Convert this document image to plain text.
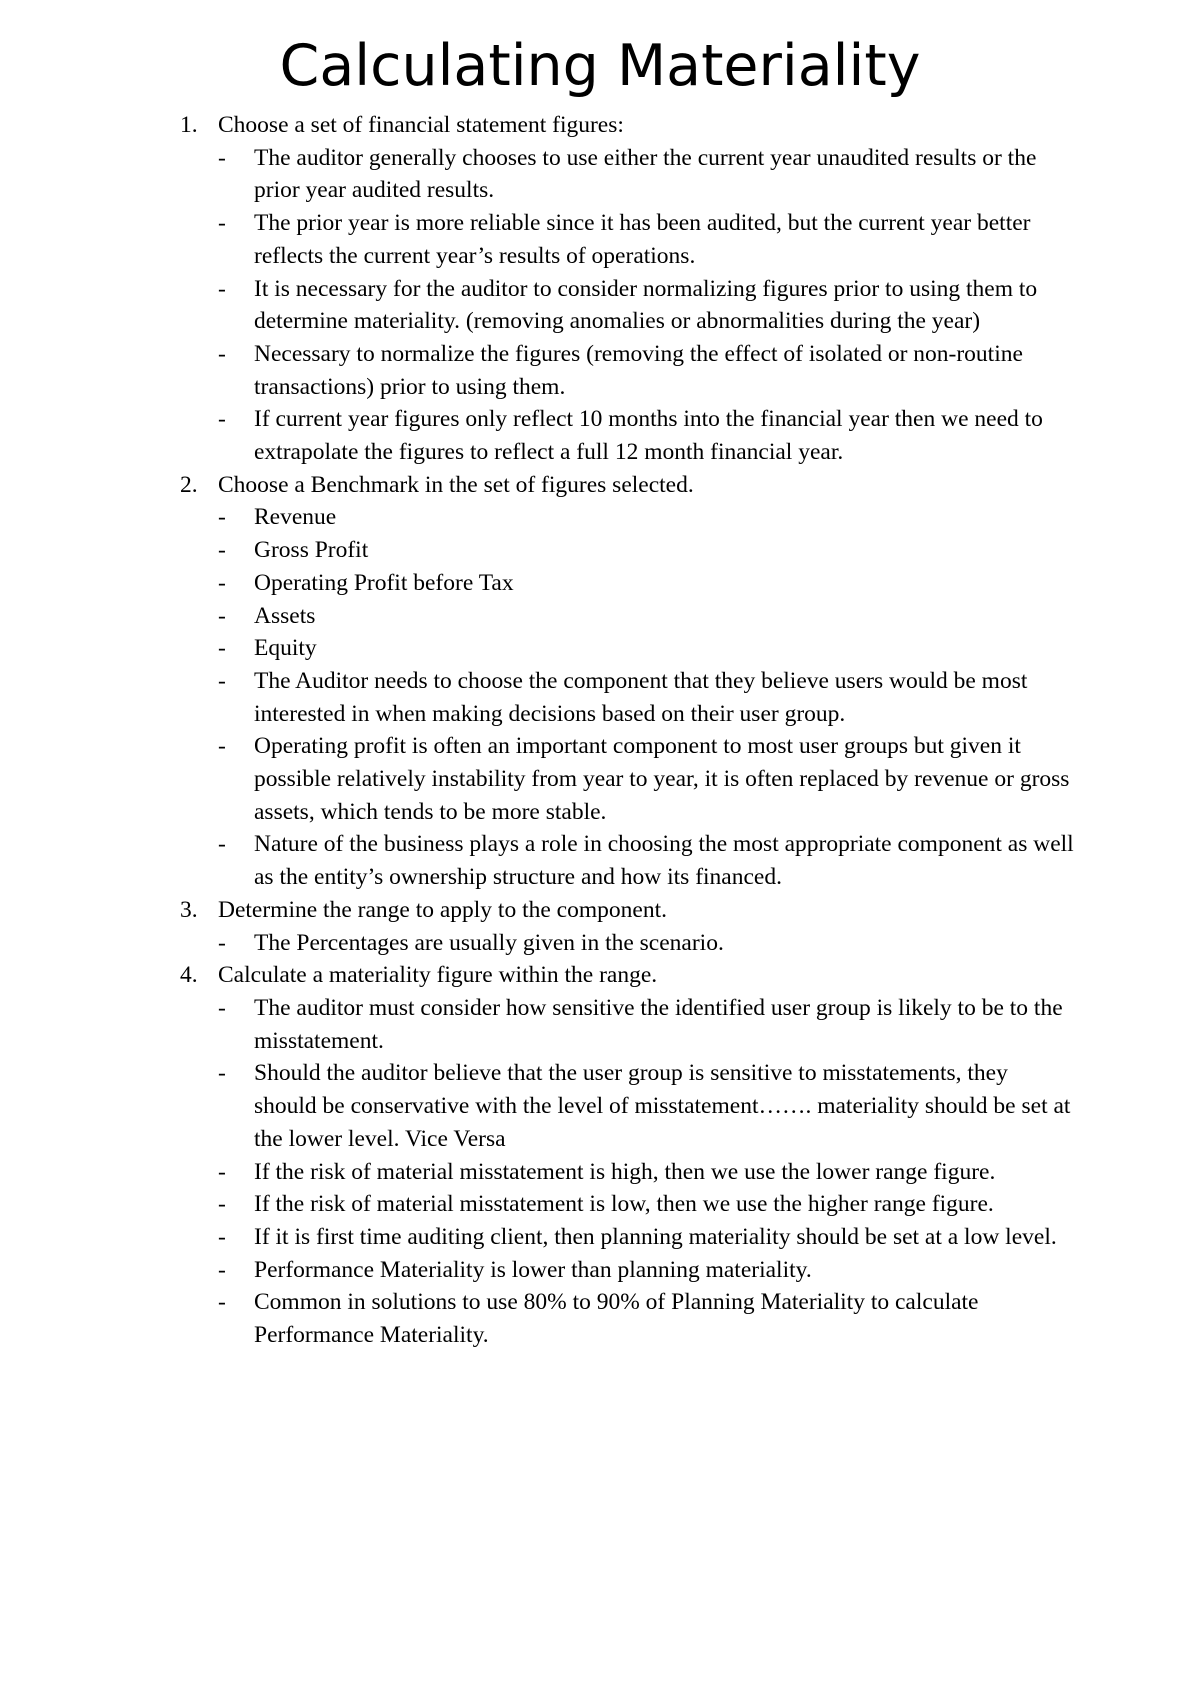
Calculating Materiality
1. Choose a set of financial statement figures:
- The auditor generally chooses to use either the current year unaudited results or the prior year audited results.
- The prior year is more reliable since it has been audited, but the current year better reflects the current year’s results of operations.
- It is necessary for the auditor to consider normalizing figures prior to using them to determine materiality. (removing anomalies or abnormalities during the year)
- Necessary to normalize the figures (removing the effect of isolated or non-routine transactions) prior to using them.
- If current year figures only reflect 10 months into the financial year then we need to extrapolate the figures to reflect a full 12 month financial year.
2. Choose a Benchmark in the set of figures selected.
- Revenue
- Gross Profit
- Operating Profit before Tax
- Assets
- Equity
- The Auditor needs to choose the component that they believe users would be most interested in when making decisions based on their user group.
- Operating profit is often an important component to most user groups but given it possible relatively instability from year to year, it is often replaced by revenue or gross assets, which tends to be more stable.
- Nature of the business plays a role in choosing the most appropriate component as well as the entity’s ownership structure and how its financed.
3. Determine the range to apply to the component.
- The Percentages are usually given in the scenario.
4. Calculate a materiality figure within the range.
- The auditor must consider how sensitive the identified user group is likely to be to the misstatement.
- Should the auditor believe that the user group is sensitive to misstatements, they should be conservative with the level of misstatement……. materiality should be set at the lower level. Vice Versa
- If the risk of material misstatement is high, then we use the lower range figure.
- If the risk of material misstatement is low, then we use the higher range figure.
- If it is first time auditing client, then planning materiality should be set at a low level.
- Performance Materiality is lower than planning materiality.
- Common in solutions to use 80% to 90% of Planning Materiality to calculate Performance Materiality.
